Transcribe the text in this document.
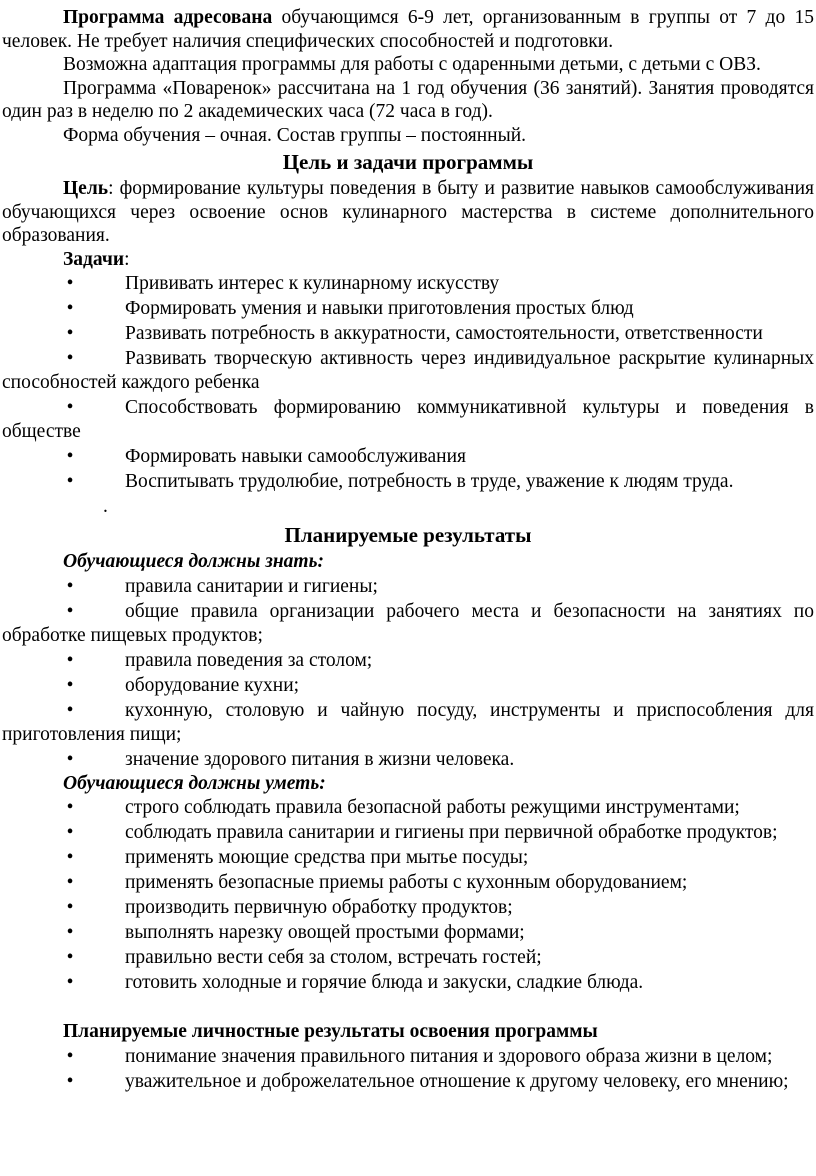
Программа адресована обучающимся 6-9 лет, организованным в группы от 7 до 15 человек. Не требует наличия специфических способностей и подготовки.

Возможна адаптация программы для работы с одаренными детьми, с детьми с ОВЗ.

Программа «Поваренок» рассчитана на 1 год обучения (36 занятий). Занятия проводятся один раз в неделю по 2 академических часа (72 часа в год).

Форма обучения – очная. Состав группы – постоянный.

Цель и задачи программы

Цель: формирование культуры поведения в быту и развитие навыков самообслуживания обучающихся через освоение основ кулинарного мастерства в системе дополнительного образования.

Задачи:

•	Прививать интерес к кулинарному искусству

•	Формировать умения и навыки приготовления простых блюд

•	Развивать потребность в аккуратности, самостоятельности, ответственности

•	Развивать творческую активность через индивидуальное раскрытие кулинарных способностей каждого ребенка

•	Способствовать формированию коммуникативной культуры и поведения в обществе

•	Формировать навыки самообслуживания

•	Воспитывать трудолюбие, потребность в труде, уважение к людям труда.

.

Планируемые результаты

Обучающиеся должны знать:

•	правила санитарии и гигиены;

•	общие правила организации рабочего места и безопасности на занятиях по обработке пищевых продуктов;

•	правила поведения за столом;

•	оборудование кухни;

•	кухонную, столовую и чайную посуду, инструменты и приспособления для приготовления пищи;

•	значение здорового питания в жизни человека.

Обучающиеся должны уметь:

•	строго соблюдать правила безопасной работы режущими инструментами;

•	соблюдать правила санитарии и гигиены при первичной обработке продуктов;

•	применять моющие средства при мытье посуды;

•	применять безопасные приемы работы с кухонным оборудованием;

•	производить первичную обработку продуктов;

•	выполнять нарезку овощей простыми формами;

•	правильно вести себя за столом, встречать гостей;

•	готовить холодные и горячие блюда и закуски, сладкие блюда.

Планируемые личностные результаты освоения программы

•	понимание значения правильного питания и здорового образа жизни в целом;

•	уважительное и доброжелательное отношение к другому человеку, его мнению;
